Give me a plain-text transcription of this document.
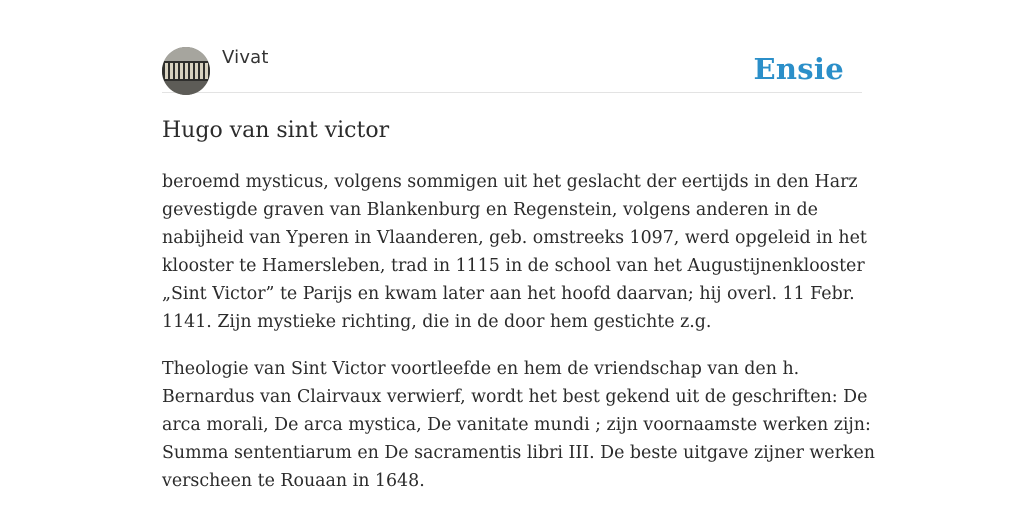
Vivat	Ensie
Hugo van sint victor

beroemd mysticus, volgens sommigen uit het geslacht der eertijds in den Harz
gevestigde graven van Blankenburg en Regenstein, volgens anderen in de
nabijheid van Yperen in Vlaanderen, geb. omstreeks 1097, werd opgeleid in het
klooster te Hamersleben, trad in 1115 in de school van het Augustijnenklooster
„Sint Victor” te Parijs en kwam later aan het hoofd daarvan; hij overl. 11 Febr.
1141. Zijn mystieke richting, die in de door hem gestichte z.g.

Theologie van Sint Victor voortleefde en hem de vriendschap van den h.
Bernardus van Clairvaux verwierf, wordt het best gekend uit de geschriften: De
arca morali, De arca mystica, De vanitate mundi ; zijn voornaamste werken zijn:
Summa sententiarum en De sacramentis libri III. De beste uitgave zijner werken
verscheen te Rouaan in 1648.
